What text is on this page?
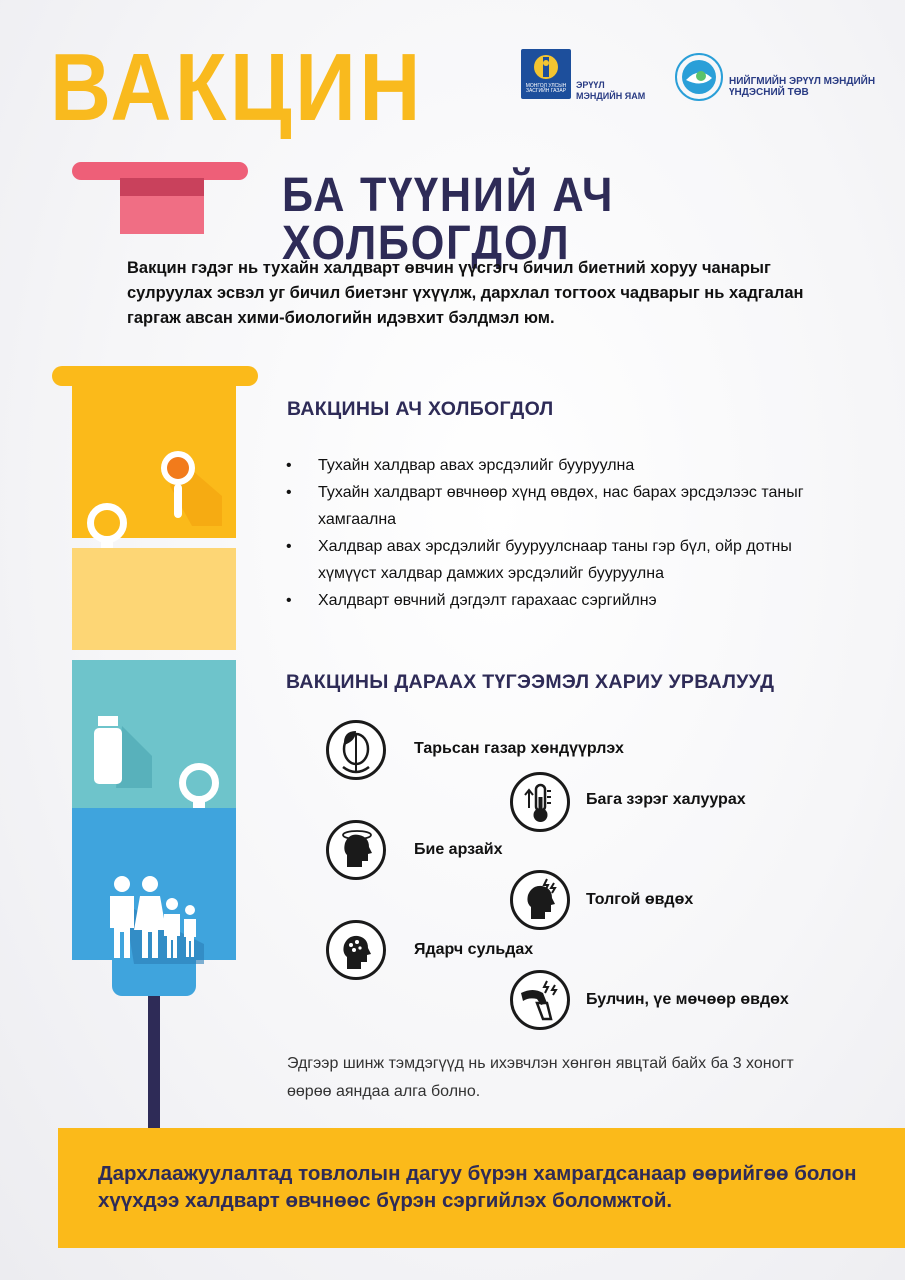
ВАКЦИН
БА ТҮҮНИЙ АЧ ХОЛБОГДОЛ
МОНГОЛ УЛСЫН ЗАСГИЙН ГАЗАР
ЭРҮҮЛ
МЭНДИЙН ЯАМ
НИЙГМИЙН ЭРҮҮЛ МЭНДИЙН
ҮНДЭСНИЙ ТӨВ
Вакцин гэдэг нь тухайн халдварт өвчин үүсгэгч бичил биетний хоруу чанарыг сулруулах эсвэл уг бичил биетэнг үхүүлж, дархлал тогтоох чадварыг нь хадгалан гаргаж авсан хими-биологийн идэвхит бэлдмэл юм.
ВАКЦИНЫ АЧ ХОЛБОГДОЛ
• Тухайн халдвар авах эрсдэлийг бууруулна
• Тухайн халдварт өвчнөөр хүнд өвдөх, нас барах эрсдэлээс таныг хамгаална
• Халдвар авах эрсдэлийг бууруулснаар таны гэр бүл, ойр дотны хүмүүст халдвар дамжих эрсдэлийг бууруулна
• Халдварт өвчний дэгдэлт гарахаас сэргийлнэ
ВАКЦИНЫ ДАРААХ ТҮГЭЭМЭЛ ХАРИУ УРВАЛУУД
Тарьсан газар хөндүүрлэх
Бага зэрэг халуурах
Бие арзайх
Толгой өвдөх
Ядарч сульдах
Булчин, үе мөчөөр өвдөх
Эдгээр шинж тэмдэгүүд нь ихэвчлэн хөнгөн явцтай байх ба 3 хоногт өөрөө аяндаа алга болно.
Дархлаажуулалтад товлолын дагуу бүрэн хамрагдсанаар өөрийгөө болон хүүхдээ халдварт өвчнөөс бүрэн сэргийлэх боломжтой.
